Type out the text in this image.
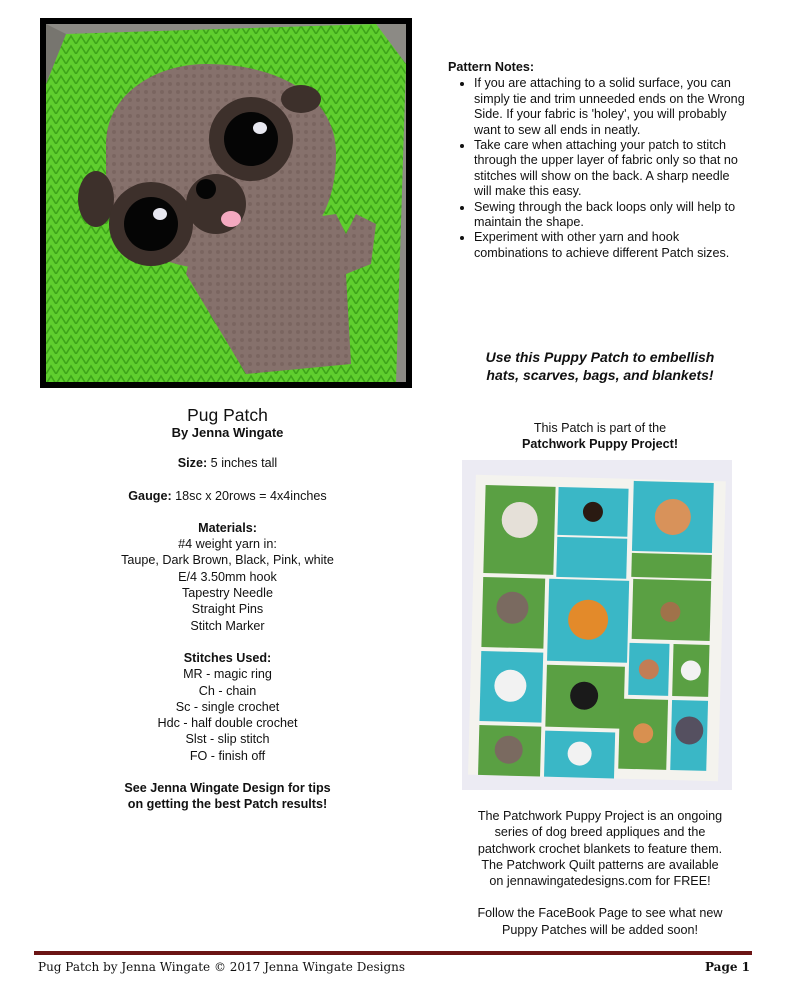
Pattern Notes:
• If you are attaching to a solid surface, you can simply tie and trim unneeded ends on the Wrong Side. If your fabric is 'holey', you will probably want to sew all ends in neatly.
• Take care when attaching your patch to stitch through the upper layer of fabric only so that no stitches will show on the back. A sharp needle will make this easy.
• Sewing through the back loops only will help to maintain the shape.
• Experiment with other yarn and hook combinations to achieve different Patch sizes.
Use this Puppy Patch to embellish
hats, scarves, bags, and blankets!
Pug Patch
By Jenna Wingate
Size: 5 inches tall
Gauge: 18sc x 20rows = 4x4inches
Materials:
#4 weight yarn in:
Taupe, Dark Brown, Black, Pink, white
E/4 3.50mm hook
Tapestry Needle
Straight Pins
Stitch Marker
Stitches Used:
MR - magic ring
Ch - chain
Sc - single crochet
Hdc - half double crochet
Slst - slip stitch
FO - finish off
See Jenna Wingate Design for tips
on getting the best Patch results!
This Patch is part of the
Patchwork Puppy Project!
The Patchwork Puppy Project is an ongoing
series of dog breed appliques and the
patchwork crochet blankets to feature them.
The Patchwork Quilt patterns are available
on jennawingatedesigns.com for FREE!
Follow the FaceBook Page to see what new
Puppy Patches will be added soon!
Pug Patch by Jenna Wingate © 2017 Jenna Wingate Designs	Page 1
